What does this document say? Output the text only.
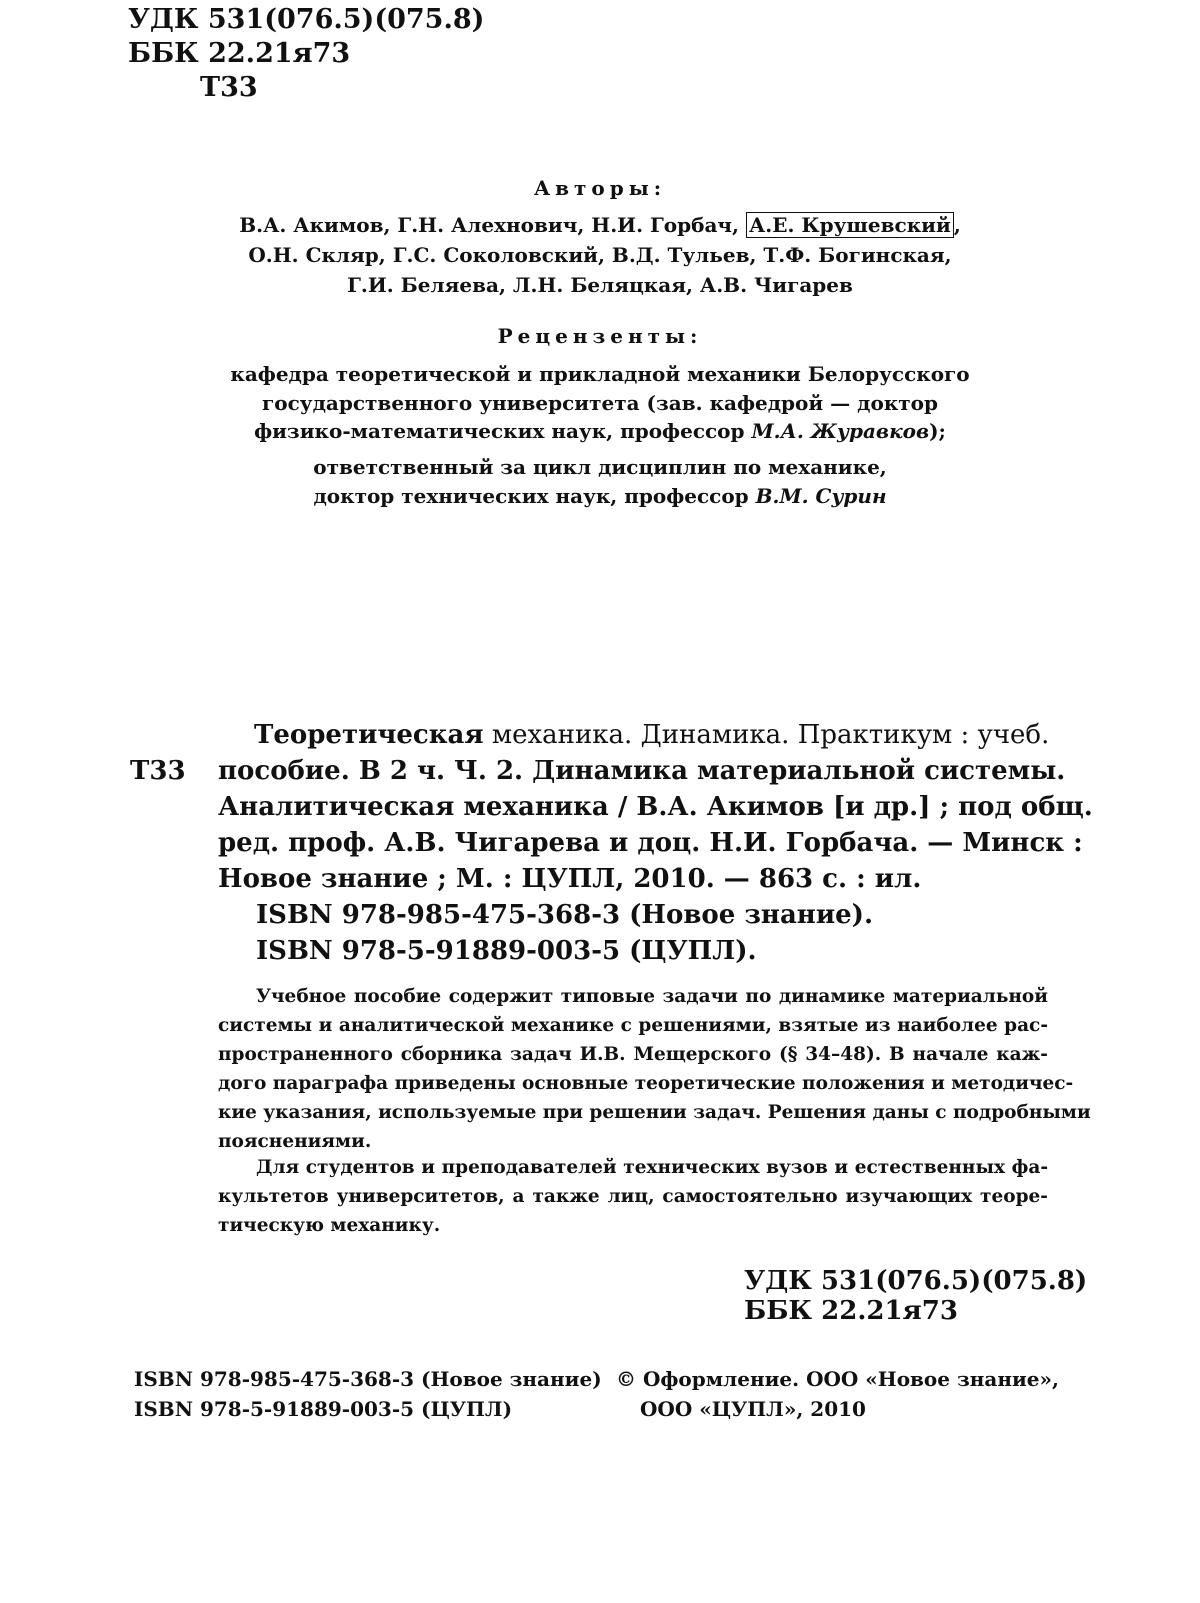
УДК 531(076.5)(075.8)
ББК 22.21я73
Т33
Авторы:
В.А. Акимов, Г.Н. Алехнович, Н.И. Горбач, А.Е. Крушевский ,
О.Н. Скляр, Г.С. Соколовский, В.Д. Тульев, Т.Ф. Богинская,
Г.И. Беляева, Л.Н. Беляцкая, А.В. Чигарев
Рецензенты:
кафедра теоретической и прикладной механики Белорусского
государственного университета (зав. кафедрой — доктор
физико-математических наук, профессор М.А. Журавков);
ответственный за цикл дисциплин по механике,
доктор технических наук, профессор В.М. Сурин
Т33
Теоретическая механика. Динамика. Практикум : учеб.
пособие. В 2 ч. Ч. 2. Динамика материальной системы.
Аналитическая механика / В.А. Акимов [и др.] ; под общ.
ред. проф. А.В. Чигарева и доц. Н.И. Горбача. — Минск :
Новое знание ; М. : ЦУПЛ, 2010. — 863 с. : ил.
ISBN 978-985-475-368-3 (Новое знание).
ISBN 978-5-91889-003-5 (ЦУПЛ).
Учебное пособие содержит типовые задачи по динамике материальной
системы и аналитической механике с решениями, взятые из наиболее рас-
пространенного сборника задач И.В. Мещерского (§ 34–48). В начале каж-
дого параграфа приведены основные теоретические положения и методичес-
кие указания, используемые при решении задач. Решения даны с подробными
пояснениями.
Для студентов и преподавателей технических вузов и естественных фа-
культетов университетов, а также лиц, самостоятельно изучающих теоре-
тическую механику.
УДК 531(076.5)(075.8)
ББК 22.21я73
ISBN 978-985-475-368-3 (Новое знание)
ISBN 978-5-91889-003-5 (ЦУПЛ)
© Оформление. ООО «Новое знание»,
ООО «ЦУПЛ», 2010
